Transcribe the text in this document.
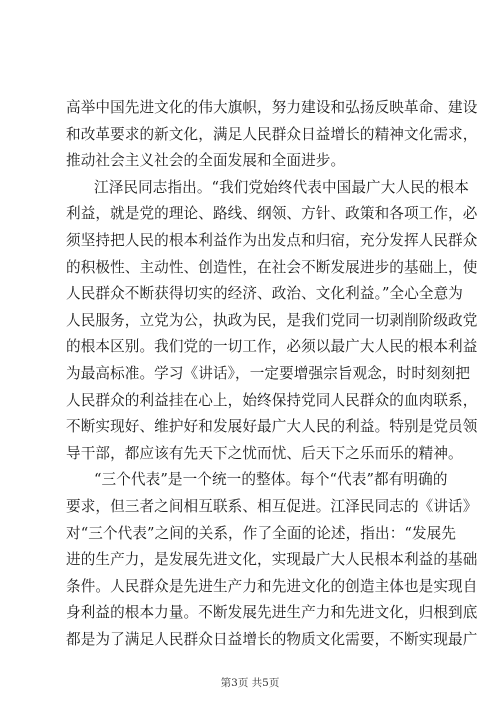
高举中国先进文化的伟大旗帜，努力建设和弘扬反映革命、建设
和改革要求的新文化，满足人民群众日益增长的精神文化需求，
推动社会主义社会的全面发展和全面进步。
江泽民同志指出。“我们党始终代表中国最广大人民的根本
利益，就是党的理论、路线、纲领、方针、政策和各项工作，必
须坚持把人民的根本利益作为出发点和归宿，充分发挥人民群众
的积极性、主动性、创造性，在社会不断发展进步的基础上，使
人民群众不断获得切实的经济、政治、文化利益。”全心全意为
人民服务，立党为公，执政为民，是我们党同一切剥削阶级政党
的根本区别。我们党的一切工作，必须以最广大人民的根本利益
为最高标准。学习《讲话》，一定要增强宗旨观念，时时刻刻把
人民群众的利益挂在心上，始终保持党同人民群众的血肉联系，
不断实现好、维护好和发展好最广大人民的利益。特别是党员领
导干部，都应该有先天下之忧而忧、后天下之乐而乐的精神。
“三个代表”是一个统一的整体。每个“代表”都有明确的
要求，但三者之间相互联系、相互促进。江泽民同志的《讲话》
对“三个代表”之间的关系，作了全面的论述，指出：“发展先
进的生产力，是发展先进文化，实现最广大人民根本利益的基础
条件。人民群众是先进生产力和先进文化的创造主体也是实现自
身利益的根本力量。不断发展先进生产力和先进文化，归根到底
都是为了满足人民群众日益增长的物质文化需要，不断实现最广
第3页 共5页
